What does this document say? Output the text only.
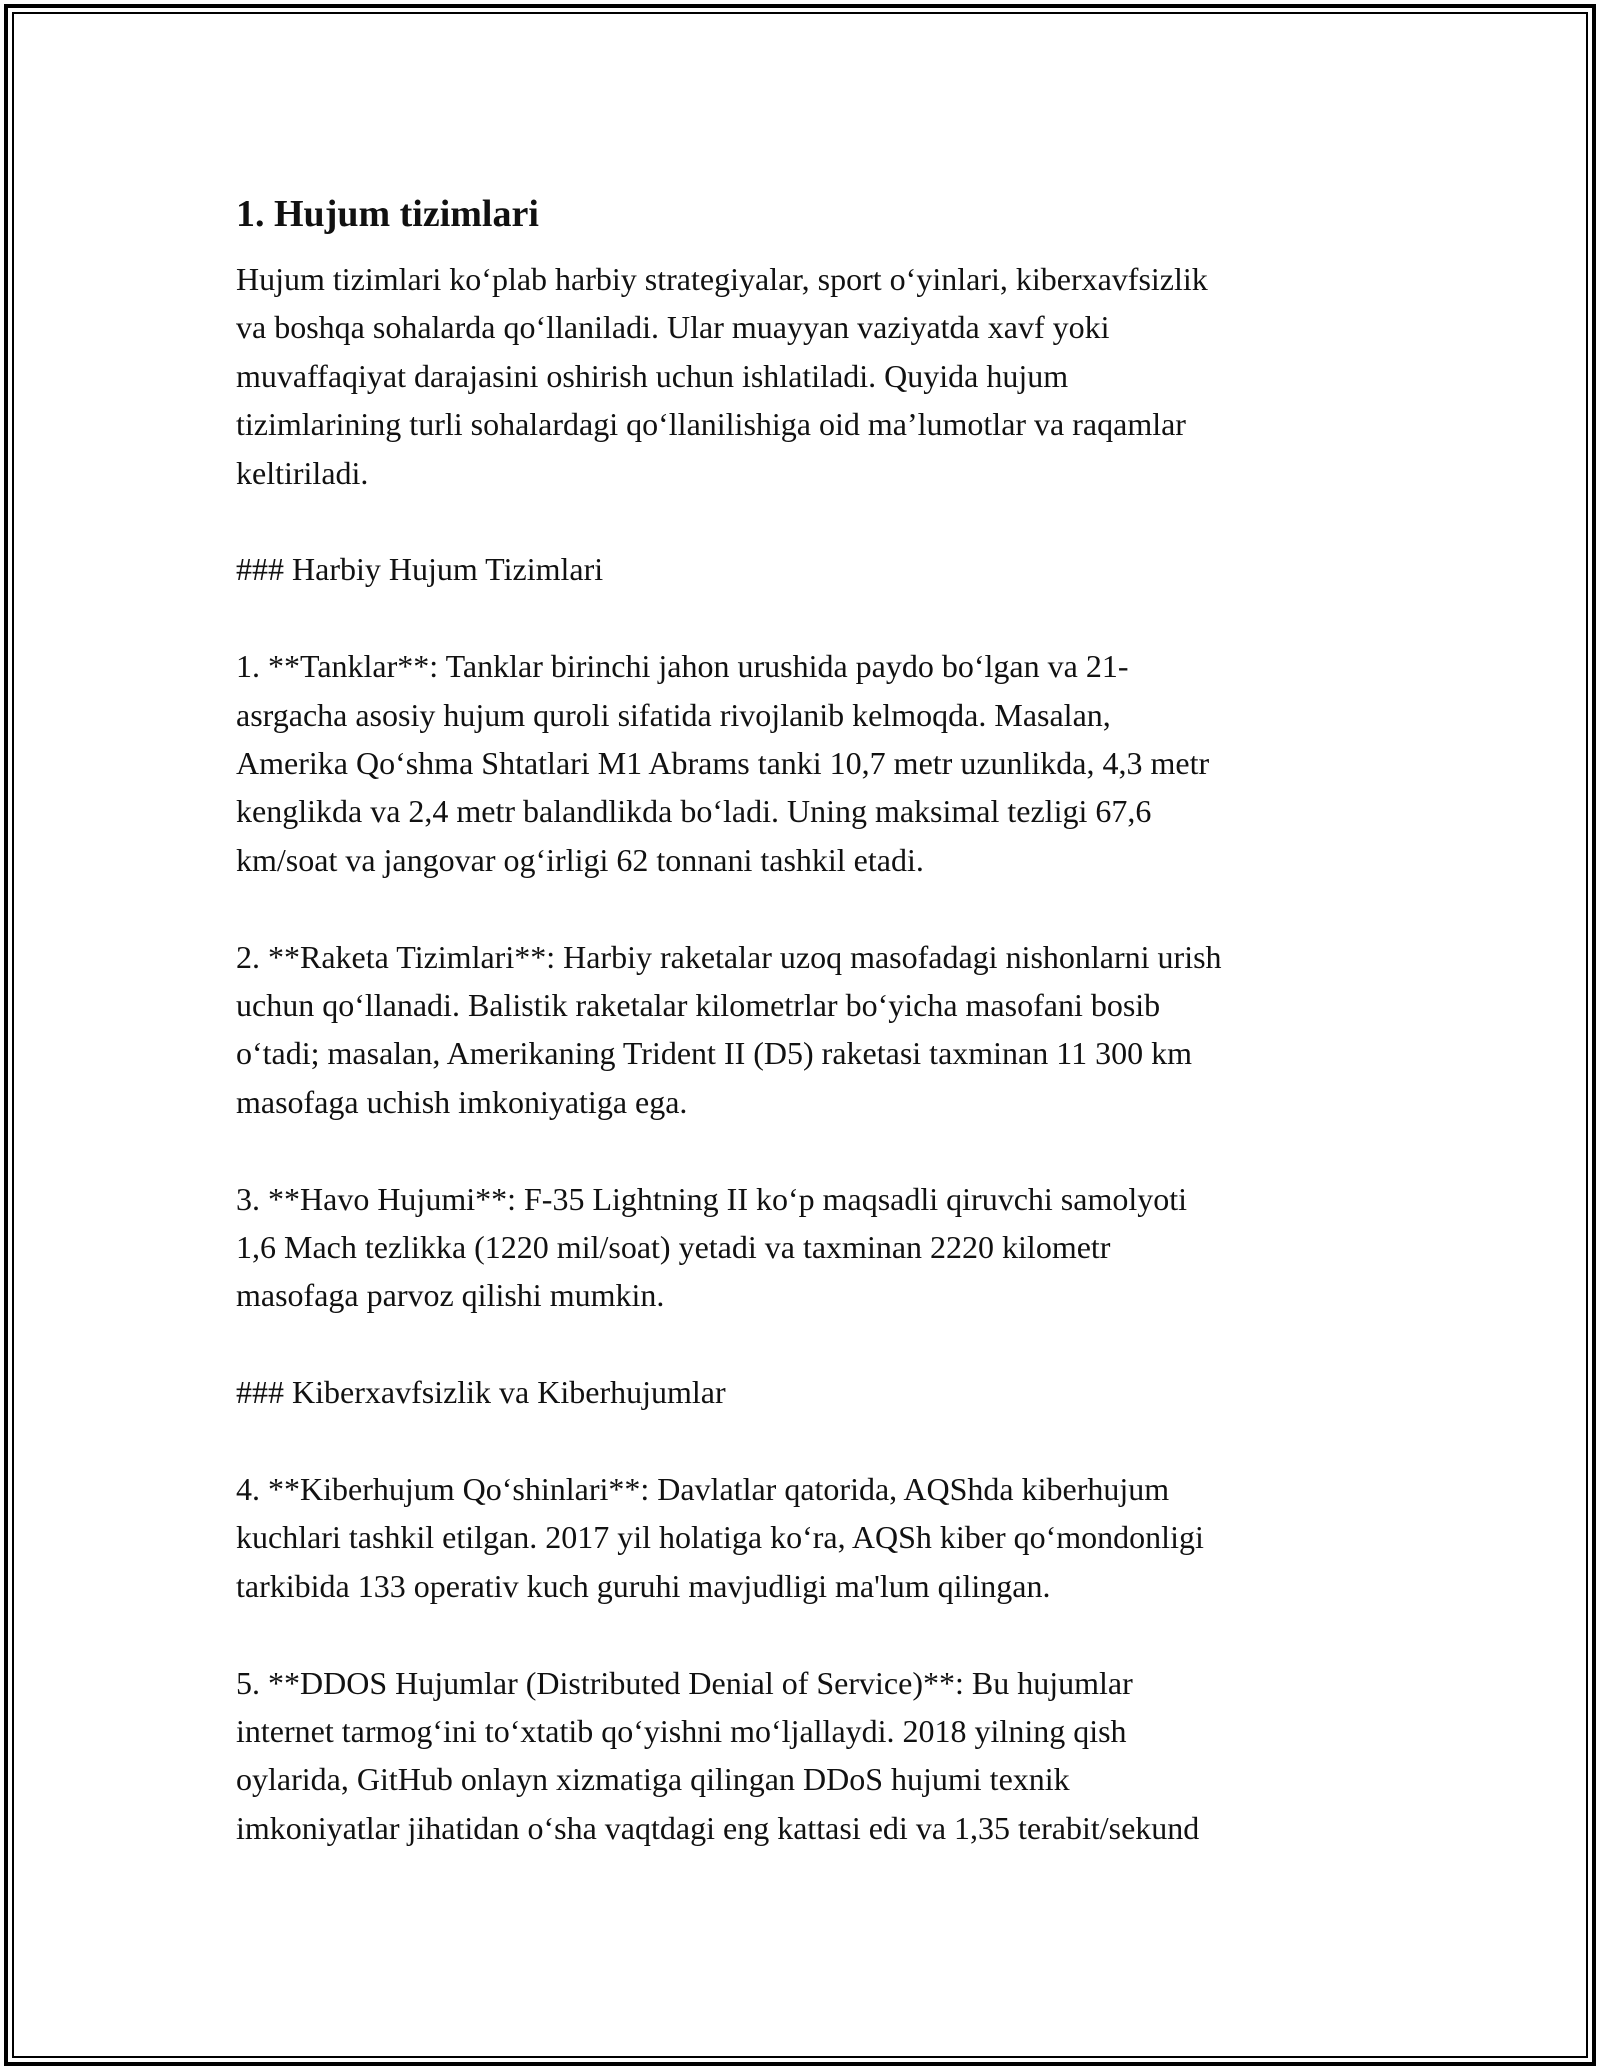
1. Hujum tizimlari

Hujum tizimlari ko‘plab harbiy strategiyalar, sport o‘yinlari, kiberxavfsizlik
va boshqa sohalarda qo‘llaniladi. Ular muayyan vaziyatda xavf yoki
muvaffaqiyat darajasini oshirish uchun ishlatiladi. Quyida hujum
tizimlarining turli sohalardagi qo‘llanilishiga oid ma’lumotlar va raqamlar
keltiriladi.

### Harbiy Hujum Tizimlari

1. **Tanklar**: Tanklar birinchi jahon urushida paydo bo‘lgan va 21-
asrgacha asosiy hujum quroli sifatida rivojlanib kelmoqda. Masalan,
Amerika Qo‘shma Shtatlari M1 Abrams tanki 10,7 metr uzunlikda, 4,3 metr
kenglikda va 2,4 metr balandlikda bo‘ladi. Uning maksimal tezligi 67,6
km/soat va jangovar og‘irligi 62 tonnani tashkil etadi.

2. **Raketa Tizimlari**: Harbiy raketalar uzoq masofadagi nishonlarni urish
uchun qo‘llanadi. Balistik raketalar kilometrlar bo‘yicha masofani bosib
o‘tadi; masalan, Amerikaning Trident II (D5) raketasi taxminan 11 300 km
masofaga uchish imkoniyatiga ega.

3. **Havo Hujumi**: F-35 Lightning II ko‘p maqsadli qiruvchi samolyoti
1,6 Mach tezlikka (1220 mil/soat) yetadi va taxminan 2220 kilometr
masofaga parvoz qilishi mumkin.

### Kiberxavfsizlik va Kiberhujumlar

4. **Kiberhujum Qo‘shinlari**: Davlatlar qatorida, AQShda kiberhujum
kuchlari tashkil etilgan. 2017 yil holatiga ko‘ra, AQSh kiber qo‘mondonligi
tarkibida 133 operativ kuch guruhi mavjudligi ma'lum qilingan.

5. **DDOS Hujumlar (Distributed Denial of Service)**: Bu hujumlar
internet tarmog‘ini to‘xtatib qo‘yishni mo‘ljallaydi. 2018 yilning qish
oylarida, GitHub onlayn xizmatiga qilingan DDoS hujumi texnik
imkoniyatlar jihatidan o‘sha vaqtdagi eng kattasi edi va 1,35 terabit/sekund
